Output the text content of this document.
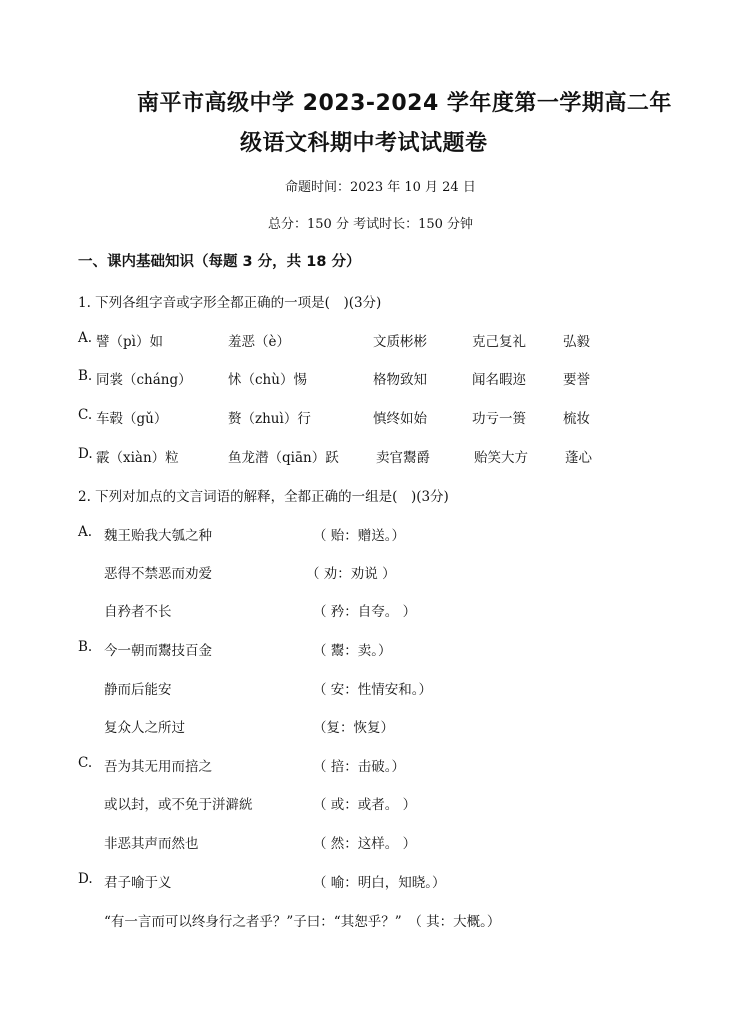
南平市高级中学 2023-2024 学年度第一学期高二年
级语文科期中考试试题卷
命题时间：2023 年 10 月 24 日
总分：150 分 考试时长：150 分钟
一、课内基础知识（每题 3 分，共 18 分）
1. 下列各组字音或字形全都正确的一项是(　)(3分)
A. 譬（pì）如	羞恶（è）	文质彬彬	克己复礼	弘毅
B. 同裳（cháng）	怵（chù）惕	格物致知	闻名暇迩	要誉
C. 车毂（gǔ）	赘（zhuì）行	慎终如始	功亏一篑	梳妆
D. 霰（xiàn）粒	鱼龙潜（qiān）跃	卖官鬻爵	贻笑大方	蓬心
2. 下列对加点的文言词语的解释，全都正确的一组是(　)(3分)
A. 魏王贻我大瓠之种	（ 贻：赠送。）
恶得不禁恶而劝爱	（ 劝：劝说 ）
自矜者不长	（ 矜：自夸。 ）
B. 今一朝而鬻技百金	（ 鬻：卖。）
静而后能安	（ 安：性情安和。）
复众人之所过	（复：恢复）
C. 吾为其无用而掊之	（ 掊：击破。）
或以封，或不免于洴澼絖	（ 或：或者。 ）
非恶其声而然也	（ 然：这样。 ）
D. 君子喻于义	（ 喻：明白，知晓。）
“有一言而可以终身行之者乎？”子曰：“其恕乎？”　（ 其：大概。）
